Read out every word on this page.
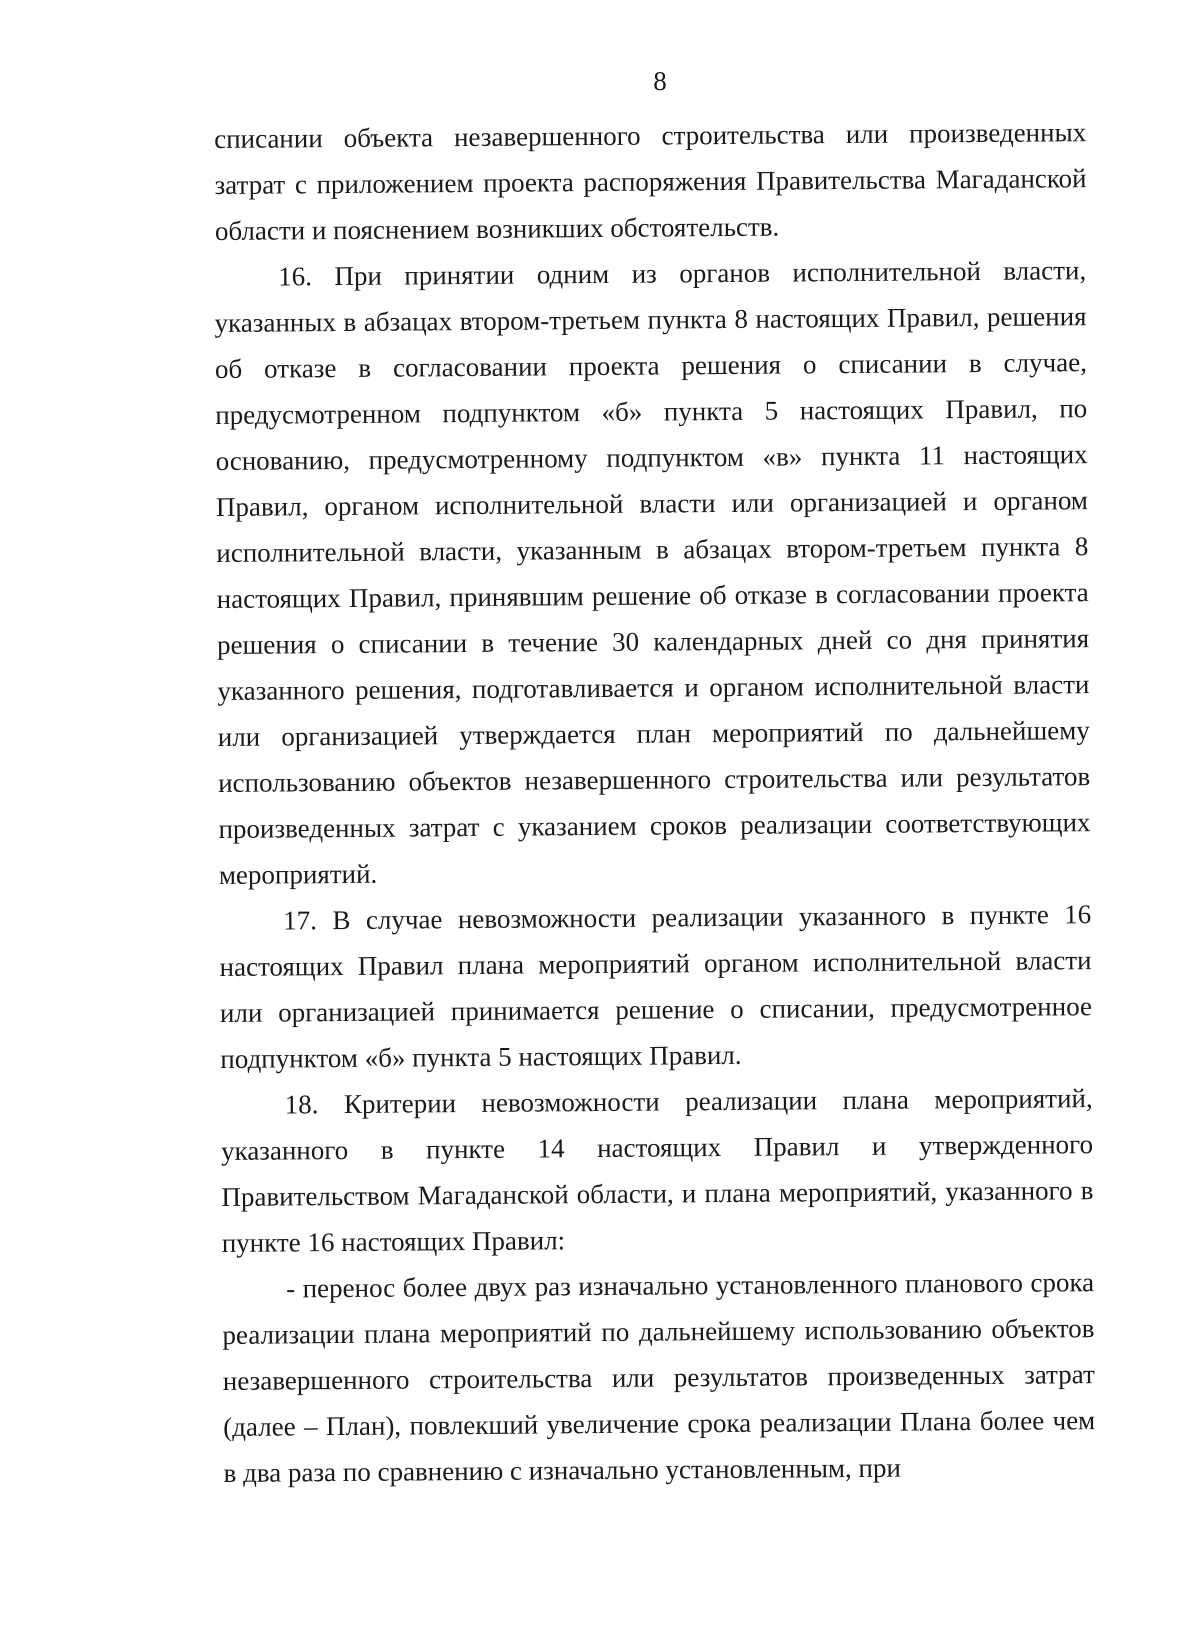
8

списании объекта незавершенного строительства или произведенных затрат с приложением проекта распоряжения Правительства Магаданской области и пояснением возникших обстоятельств.

16. При принятии одним из органов исполнительной власти, указанных в абзацах втором-третьем пункта 8 настоящих Правил, решения об отказе в согласовании проекта решения о списании в случае, предусмотренном подпунктом «б» пункта 5 настоящих Правил, по основанию, предусмотренному подпунктом «в» пункта 11 настоящих Правил, органом исполнительной власти или организацией и органом исполнительной власти, указанным в абзацах втором-третьем пункта 8 настоящих Правил, принявшим решение об отказе в согласовании проекта решения о списании в течение 30 календарных дней со дня принятия указанного решения, подготавливается и органом исполнительной власти или организацией утверждается план мероприятий по дальнейшему использованию объектов незавершенного строительства или результатов произведенных затрат с указанием сроков реализации соответствующих мероприятий.

17. В случае невозможности реализации указанного в пункте 16 настоящих Правил плана мероприятий органом исполнительной власти или организацией принимается решение о списании, предусмотренное подпунктом «б» пункта 5 настоящих Правил.

18. Критерии невозможности реализации плана мероприятий, указанного в пункте 14 настоящих Правил и утвержденного Правительством Магаданской области, и плана мероприятий, указанного в пункте 16 настоящих Правил:

- перенос более двух раз изначально установленного планового срока реализации плана мероприятий по дальнейшему использованию объектов незавершенного строительства или результатов произведенных затрат (далее – План), повлекший увеличение срока реализации Плана более чем в два раза по сравнению с изначально установленным, при
